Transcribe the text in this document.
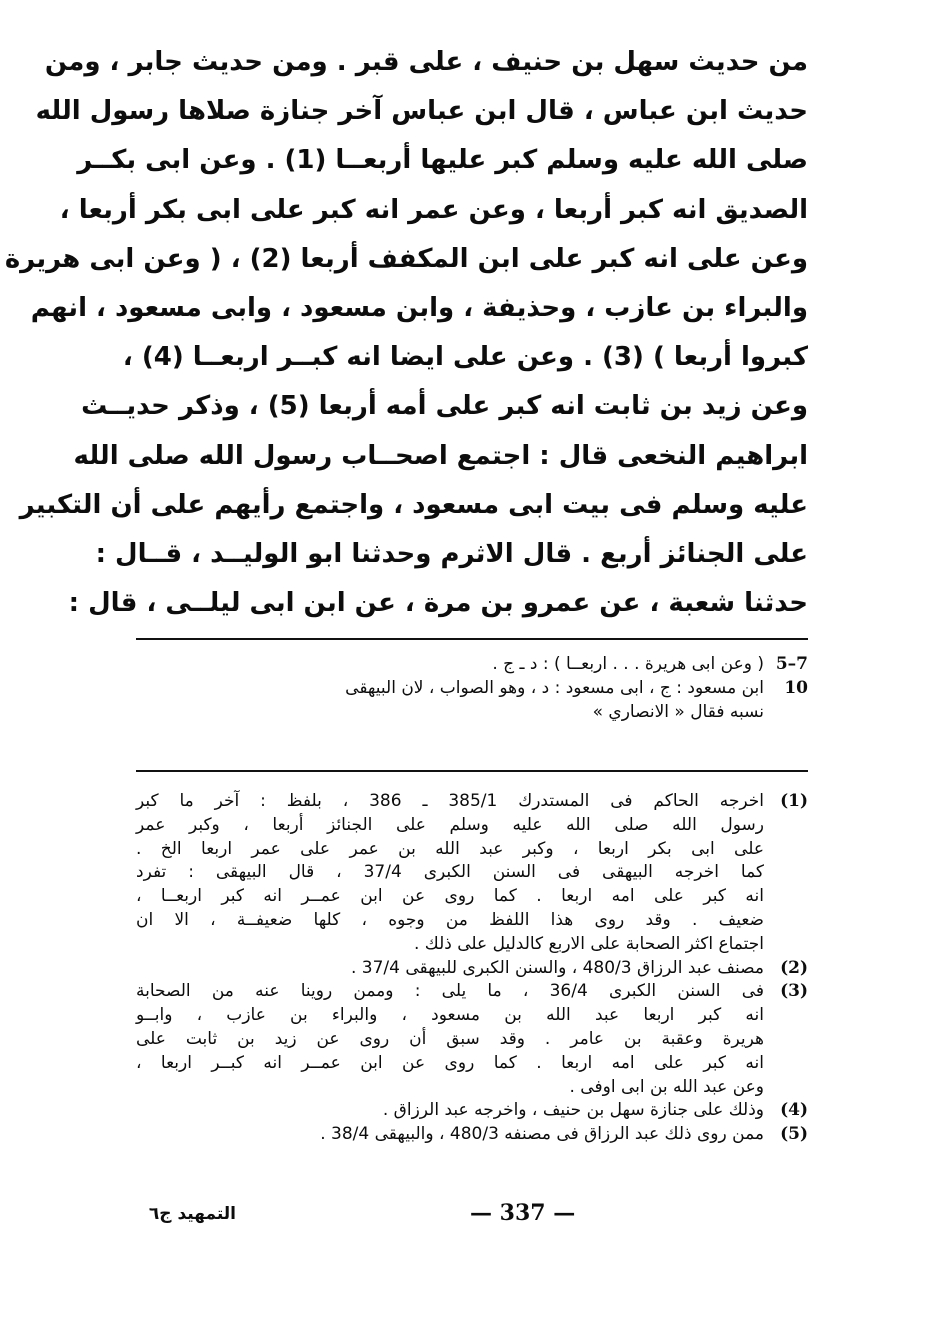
من حديث سهل بن حنيف ، على قبر . ومن حديث جابر ، ومن
حديث ابن عباس ، قال ابن عباس آخر جنازة صلاها رسول الله
صلى الله عليه وسلم كبر عليها أربعــا (1) . وعن ابى بكــر
الصديق انه كبر أربعا ، وعن عمر انه كبر على ابى بكر أربعا ،
وعن على انه كبر على ابن المكفف أربعا (2) ، ( وعن ابى هريرة
والبراء بن عازب ، وحذيفة ، وابن مسعود ، وابى مسعود ، انهم
كبروا أربعا ) (3) . وعن على ايضا انه كبــر اربعــا (4) ،
وعن زيد بن ثابت انه كبر على أمه أربعا (5) ، وذكر حديــث
ابراهيم النخعى قال : اجتمع اصحــاب رسول الله صلى الله
عليه وسلم فى بيت ابى مسعود ، واجتمع رأيهم على أن التكبير
على الجنائز أربع . قال الاثرم وحدثنا ابو الوليــد ، قــال :
حدثنا شعبة ، عن عمرو بن مرة ، عن ابن ابى ليلــى ، قال :
7–5
( وعن ابى هريرة . . . اربعــا ) : د ـ ج .
10
ابن مسعود : ج ، ابى مسعود : د ، وهو الصواب ، لان البيهقى
نسبه فقال « الانصاري »
(1)
اخرجه الحاكم فى المستدرك 385/1 ـ 386 ، بلفظ : آخر ما كبر
رسول الله صلى الله عليه وسلم على الجنائز أربعا ، وكبر عمر
على ابى بكر اربعا ، وكبر عبد الله بن عمر على عمر اربعا الخ .
كما اخرجه البيهقى فى السنن الكبرى 37/4 ، قال البيهقى : تفرد
انه كبر على امه اربعا . كما روى عن ابن عمــر انه كبر اربعــا ،
ضعيف . وقد روى هذا اللفظ من وجوه ، كلها ضعيفــة ، الا ان
اجتماع اكثر الصحابة على الاربع كالدليل على ذلك .
(2)
مصنف عبد الرزاق 480/3 ، والسنن الكبرى للبيهقى 37/4 .
(3)
فى السنن الكبرى 36/4 ، ما يلى : وممن روينا عنه من الصحابة
انه كبر اربعا عبد الله بن مسعود ، والبراء بن عازب ، وابــو
هريرة وعقبة بن عامر . وقد سبق أن روى عن زيد بن ثابت على
انه كبر على امه اربعا . كما روى عن ابن عمــر انه كبــر اربعا ،
وعن عبد الله بن ابى اوفى .
(4)
وذلك على جنازة سهل بن حنيف ، واخرجه عبد الرزاق .
(5)
ممن روى ذلك عبد الرزاق فى مصنفه 480/3 ، والبيهقى 38/4 .
— 337 —
التمهيد ج٦
